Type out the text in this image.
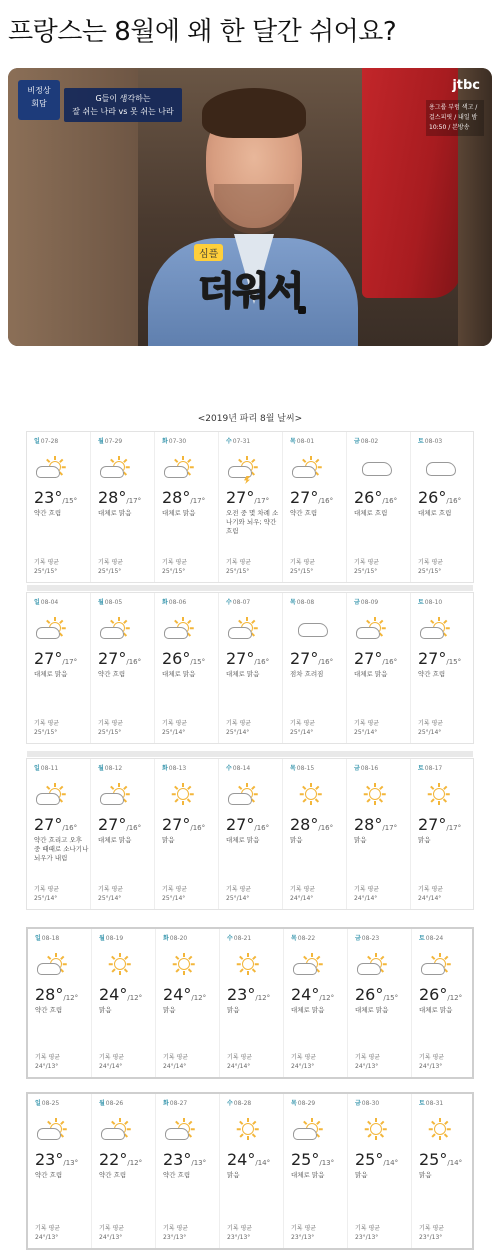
프랑스는 8월에 왜 한 달간 쉬어요?
비정상
회담
G들이 생각하는
잘 쉬는 나라 vs 못 쉬는 나라
jtbc
용그룹 부럼 색고 / 걸스피릿 / 내일 밤 10:50 / 본방송
심플
더워서
<2019년 파리 8월 날씨>
일07-28
23°/15°
약간 흐림
기록 평균
25°/15°
월07-29
28°/17°
대체로 맑음
기록 평균
25°/15°
화07-30
28°/17°
대체로 맑음
기록 평균
25°/15°
수07-31
27°/17°
오전 중 몇 차례 소나기와 뇌우; 약간 흐림
기록 평균
25°/15°
목08-01
27°/16°
약간 흐림
기록 평균
25°/15°
금08-02
26°/16°
대체로 흐림
기록 평균
25°/15°
토08-03
26°/16°
대체로 흐림
기록 평균
25°/15°
일08-04
27°/17°
대체로 맑음
기록 평균
25°/15°
월08-05
27°/16°
약간 흐림
기록 평균
25°/15°
화08-06
26°/15°
대체로 맑음
기록 평균
25°/14°
수08-07
27°/16°
대체로 맑음
기록 평균
25°/14°
목08-08
27°/16°
점차 흐려짐
기록 평균
25°/14°
금08-09
27°/16°
대체로 맑음
기록 평균
25°/14°
토08-10
27°/15°
약간 흐림
기록 평균
25°/14°
일08-11
27°/16°
약간 흐리고 오후 중 때때로 소나기나 뇌우가 내림
기록 평균
25°/14°
월08-12
27°/16°
대체로 맑음
기록 평균
25°/14°
화08-13
27°/16°
맑음
기록 평균
25°/14°
수08-14
27°/16°
대체로 맑음
기록 평균
25°/14°
목08-15
28°/16°
맑음
기록 평균
24°/14°
금08-16
28°/17°
맑음
기록 평균
24°/14°
토08-17
27°/17°
맑음
기록 평균
24°/14°
일08-18
28°/12°
약간 흐림
기록 평균
24°/13°
월08-19
24°/12°
맑음
기록 평균
24°/14°
화08-20
24°/12°
맑음
기록 평균
24°/14°
수08-21
23°/12°
맑음
기록 평균
24°/14°
목08-22
24°/12°
대체로 맑음
기록 평균
24°/13°
금08-23
26°/15°
대체로 맑음
기록 평균
24°/13°
토08-24
26°/12°
대체로 맑음
기록 평균
24°/13°
일08-25
23°/13°
약간 흐림
기록 평균
24°/13°
월08-26
22°/12°
약간 흐림
기록 평균
24°/13°
화08-27
23°/13°
약간 흐림
기록 평균
23°/13°
수08-28
24°/14°
맑음
기록 평균
23°/13°
목08-29
25°/13°
대체로 맑음
기록 평균
23°/13°
금08-30
25°/14°
맑음
기록 평균
23°/13°
토08-31
25°/14°
맑음
기록 평균
23°/13°
